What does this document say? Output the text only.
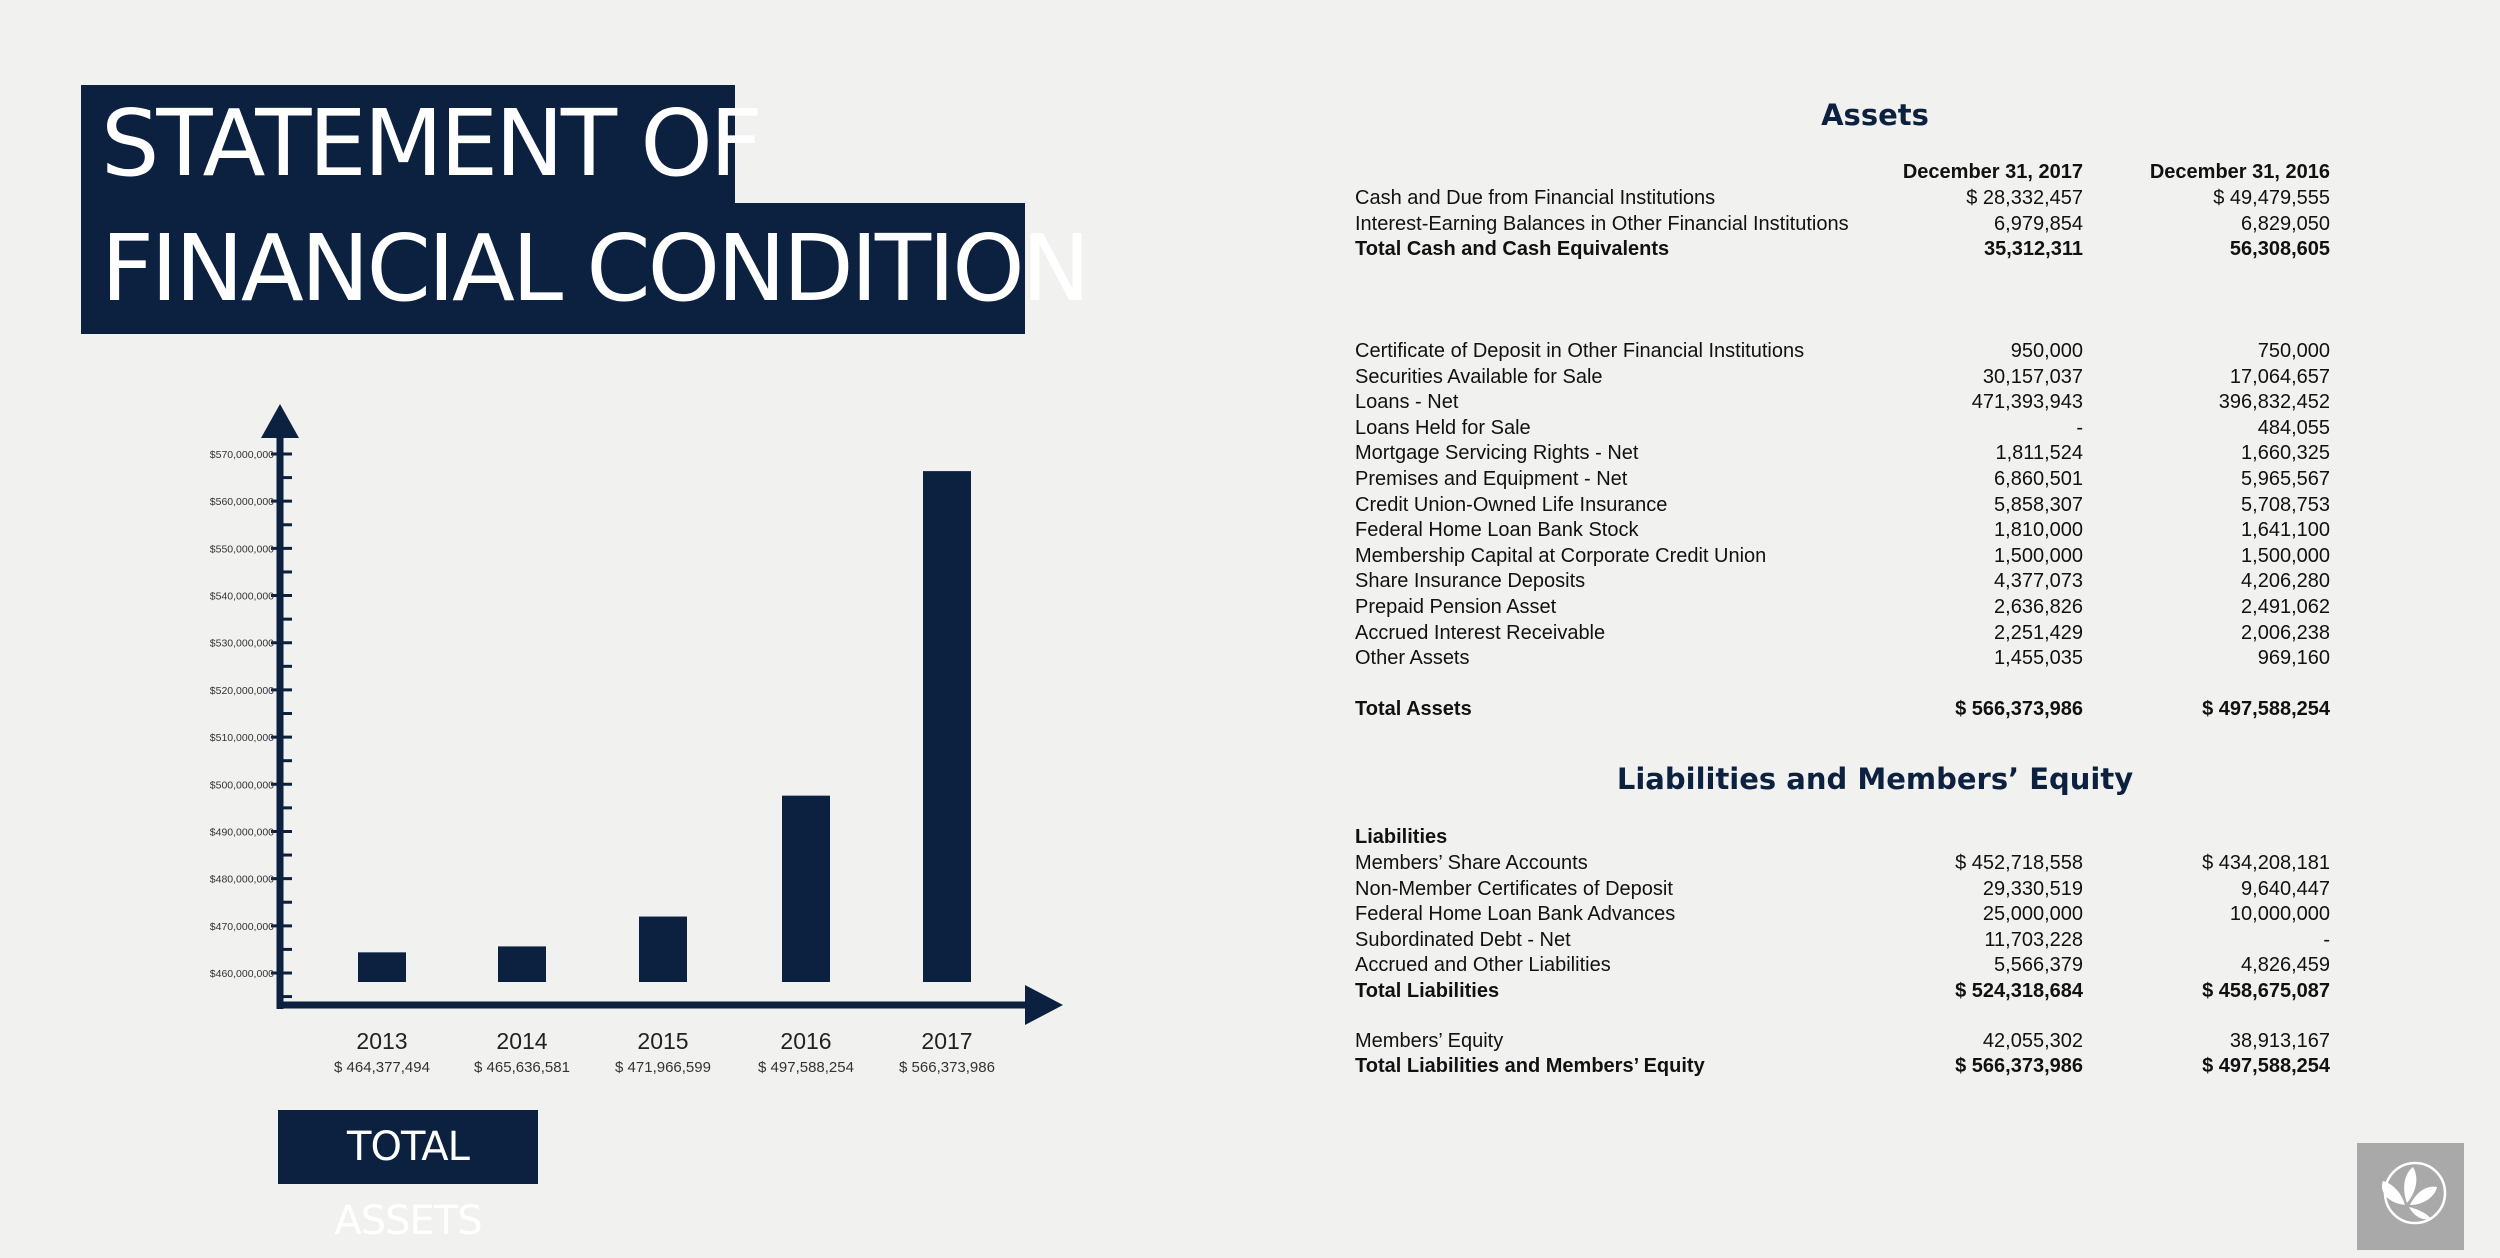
STATEMENT OF
FINANCIAL CONDITION
$570,000,000
$560,000,000
$550,000,000
$540,000,000
$530,000,000
$520,000,000
$510,000,000
$500,000,000
$490,000,000
$480,000,000
$470,000,000
$460,000,000
2013
$ 464,377,494
2014
$ 465,636,581
2015
$ 471,966,599
2016
$ 497,588,254
2017
$ 566,373,986
TOTAL ASSETS
Assets
December 31, 2017	December 31, 2016
Cash and Due from Financial Institutions	$ 28,332,457	$ 49,479,555
Interest-Earning Balances in Other Financial Institutions	6,979,854	6,829,050
Total Cash and Cash Equivalents	35,312,311	56,308,605
Certificate of Deposit in Other Financial Institutions	950,000	750,000
Securities Available for Sale	30,157,037	17,064,657
Loans - Net	471,393,943	396,832,452
Loans Held for Sale	-	484,055
Mortgage Servicing Rights - Net	1,811,524	1,660,325
Premises and Equipment - Net	6,860,501	5,965,567
Credit Union-Owned Life Insurance	5,858,307	5,708,753
Federal Home Loan Bank Stock	1,810,000	1,641,100
Membership Capital at Corporate Credit Union	1,500,000	1,500,000
Share Insurance Deposits	4,377,073	4,206,280
Prepaid Pension Asset	2,636,826	2,491,062
Accrued Interest Receivable	2,251,429	2,006,238
Other Assets	1,455,035	969,160
Total Assets	$ 566,373,986	$ 497,588,254
Liabilities
Members’ Share Accounts	$ 452,718,558	$ 434,208,181
Non-Member Certificates of Deposit	29,330,519	9,640,447
Federal Home Loan Bank Advances	25,000,000	10,000,000
Subordinated Debt - Net	11,703,228	-
Accrued and Other Liabilities	5,566,379	4,826,459
Total Liabilities	$ 524,318,684	$ 458,675,087
Members’ Equity	42,055,302	38,913,167
Total Liabilities and Members’ Equity	$ 566,373,986	$ 497,588,254
Liabilities and Members’ Equity
